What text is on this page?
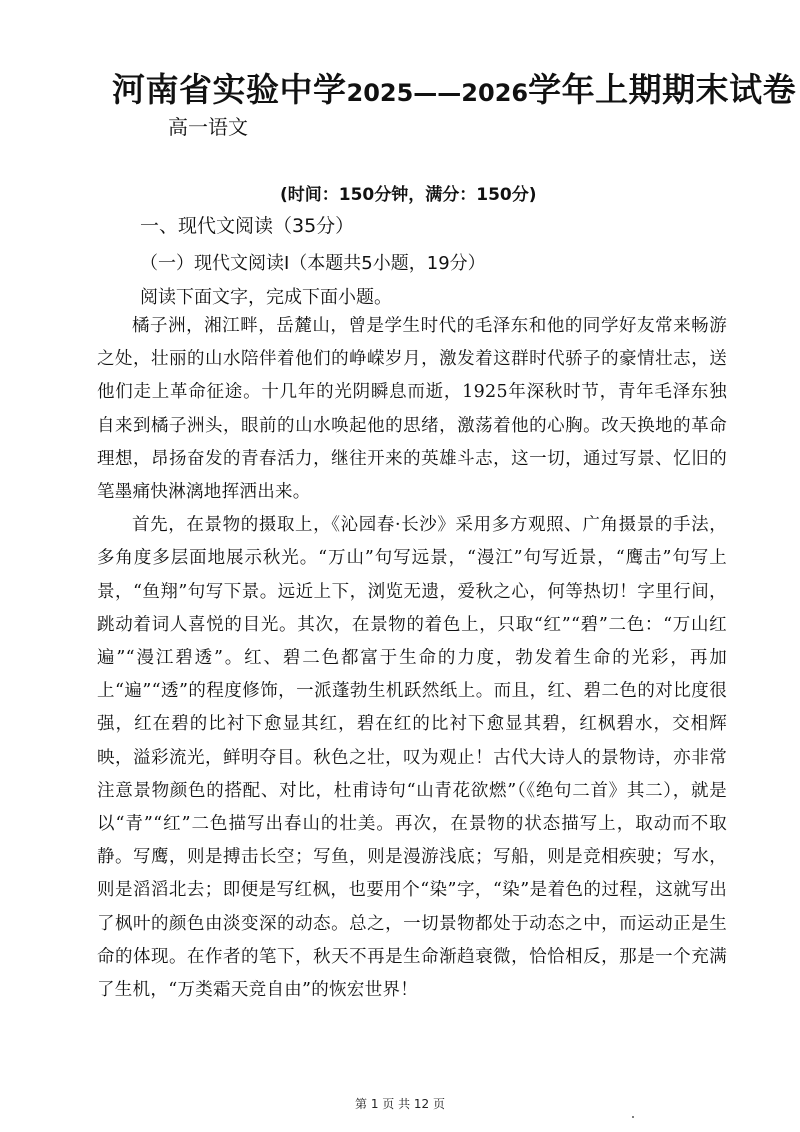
河南省实验中学2025——2026学年上期期末试卷
高一语文
(时间：150分钟，满分：150分)
一、现代文阅读（35分）
（一）现代文阅读Ⅰ（本题共5小题，19分）
阅读下面文字，完成下面小题。

橘子洲，湘江畔，岳麓山，曾是学生时代的毛泽东和他的同学好友常来畅游之处，壮丽的山水陪伴着他们的峥嵘岁月，激发着这群时代骄子的豪情壮志，送他们走上革命征途。十几年的光阴瞬息而逝，1925年深秋时节，青年毛泽东独自来到橘子洲头，眼前的山水唤起他的思绪，激荡着他的心胸。改天换地的革命理想，昂扬奋发的青春活力，继往开来的英雄斗志，这一切，通过写景、忆旧的笔墨痛快淋漓地挥洒出来。

首先，在景物的摄取上，《沁园春·长沙》采用多方观照、广角摄景的手法，多角度多层面地展示秋光。“万山”句写远景，“漫江”句写近景，“鹰击”句写上景，“鱼翔”句写下景。远近上下，浏览无遗，爱秋之心，何等热切！字里行间，跳动着词人喜悦的目光。其次，在景物的着色上，只取“红”“碧”二色：“万山红遍”“漫江碧透”。红、碧二色都富于生命的力度，勃发着生命的光彩，再加上“遍”“透”的程度修饰，一派蓬勃生机跃然纸上。而且，红、碧二色的对比度很强，红在碧的比衬下愈显其红，碧在红的比衬下愈显其碧，红枫碧水，交相辉映，溢彩流光，鲜明夺目。秋色之壮，叹为观止！古代大诗人的景物诗，亦非常注意景物颜色的搭配、对比，杜甫诗句“山青花欲燃”（《绝句二首》其二），就是以“青”“红”二色描写出春山的壮美。再次，在景物的状态描写上，取动而不取静。写鹰，则是搏击长空；写鱼，则是漫游浅底；写船，则是竞相疾驶；写水，则是滔滔北去；即便是写红枫，也要用个“染”字，“染”是着色的过程，这就写出了枫叶的颜色由淡变深的动态。总之，一切景物都处于动态之中，而运动正是生命的体现。在作者的笔下，秋天不再是生命渐趋衰微，恰恰相反，那是一个充满了生机，“万类霜天竞自由”的恢宏世界！

第 1 页 共 12 页
